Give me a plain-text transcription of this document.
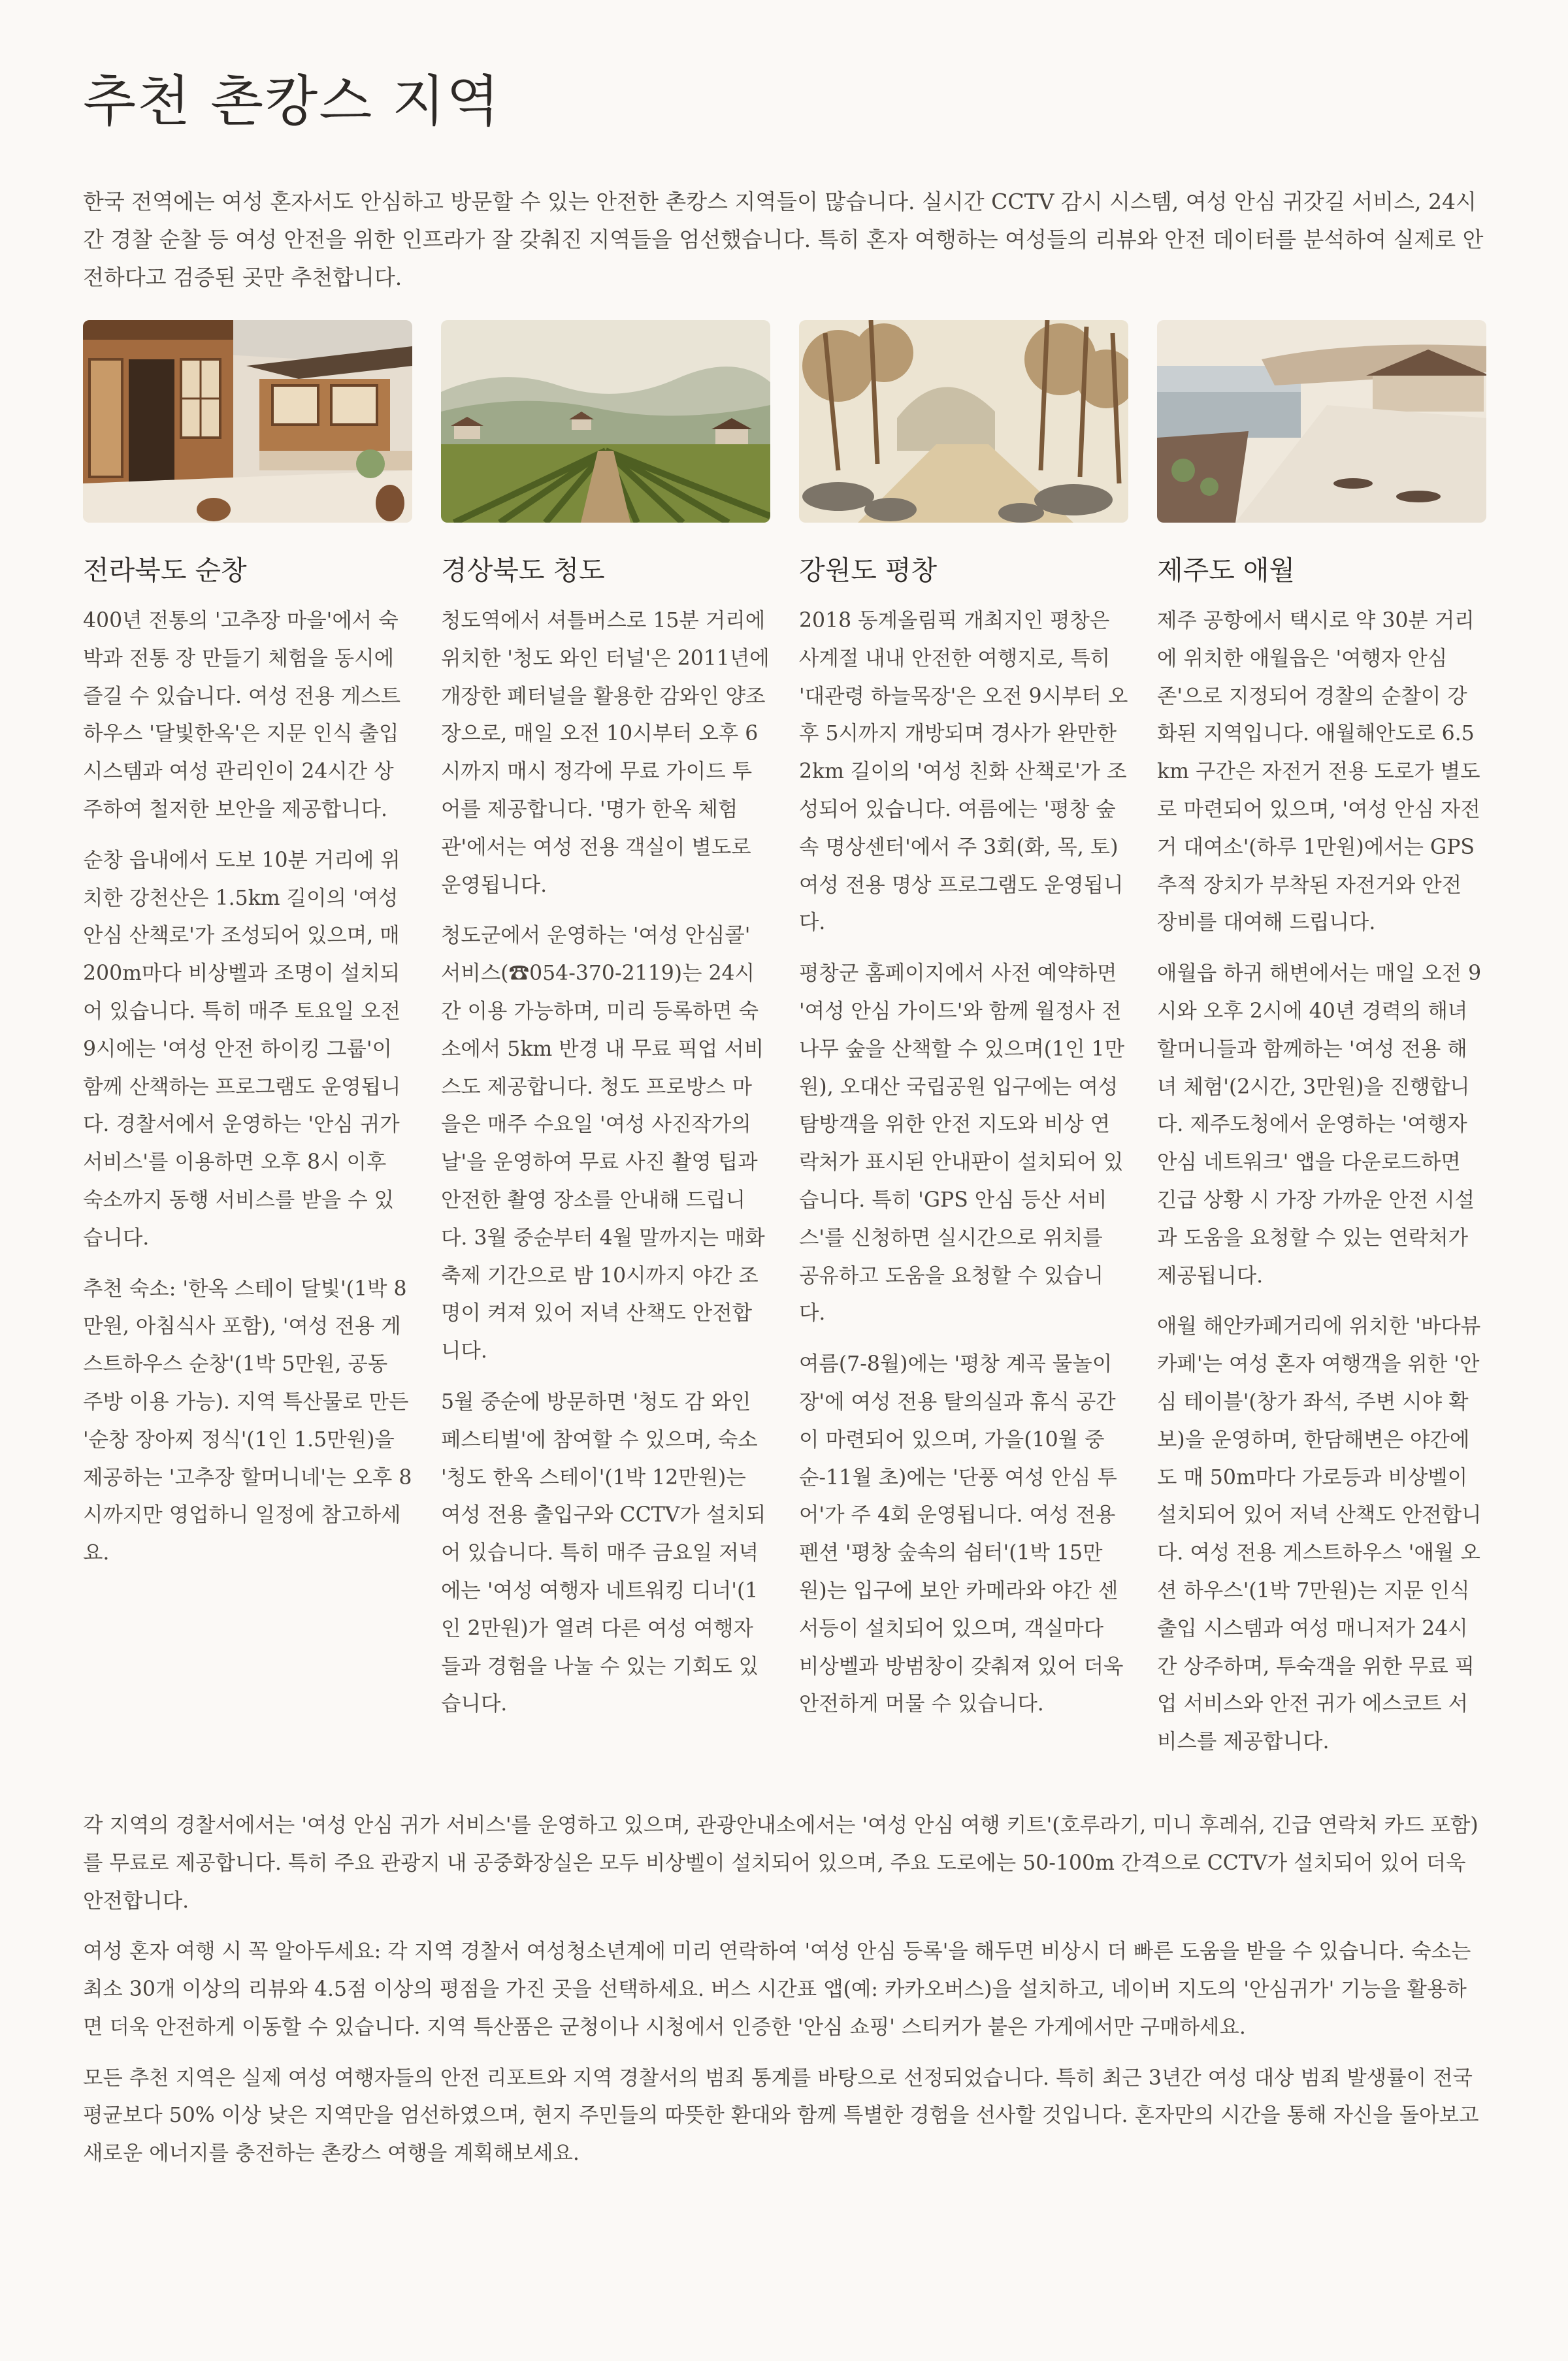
추천 촌캉스 지역

한국 전역에는 여성 혼자서도 안심하고 방문할 수 있는 안전한 촌캉스 지역들이 많습니다. 실시간 CCTV 감시 시스템, 여성 안심 귀갓길 서비스, 24시간 경찰 순찰 등 여성 안전을 위한 인프라가 잘 갖춰진 지역들을 엄선했습니다. 특히 혼자 여행하는 여성들의 리뷰와 안전 데이터를 분석하여 실제로 안전하다고 검증된 곳만 추천합니다.

전라북도 순창

400년 전통의 '고추장 마을'에서 숙박과 전통 장 만들기 체험을 동시에 즐길 수 있습니다. 여성 전용 게스트하우스 '달빛한옥'은 지문 인식 출입 시스템과 여성 관리인이 24시간 상주하여 철저한 보안을 제공합니다.

순창 읍내에서 도보 10분 거리에 위치한 강천산은 1.5km 길이의 '여성 안심 산책로'가 조성되어 있으며, 매 200m마다 비상벨과 조명이 설치되어 있습니다. 특히 매주 토요일 오전 9시에는 '여성 안전 하이킹 그룹'이 함께 산책하는 프로그램도 운영됩니다. 경찰서에서 운영하는 '안심 귀가 서비스'를 이용하면 오후 8시 이후 숙소까지 동행 서비스를 받을 수 있습니다.

추천 숙소: '한옥 스테이 달빛'(1박 8만원, 아침식사 포함), '여성 전용 게스트하우스 순창'(1박 5만원, 공동 주방 이용 가능). 지역 특산물로 만든 '순창 장아찌 정식'(1인 1.5만원)을 제공하는 '고추장 할머니네'는 오후 8시까지만 영업하니 일정에 참고하세요.

경상북도 청도

청도역에서 셔틀버스로 15분 거리에 위치한 '청도 와인 터널'은 2011년에 개장한 폐터널을 활용한 감와인 양조장으로, 매일 오전 10시부터 오후 6시까지 매시 정각에 무료 가이드 투어를 제공합니다. '명가 한옥 체험관'에서는 여성 전용 객실이 별도로 운영됩니다.

청도군에서 운영하는 '여성 안심콜' 서비스(☎054-370-2119)는 24시간 이용 가능하며, 미리 등록하면 숙소에서 5km 반경 내 무료 픽업 서비스도 제공합니다. 청도 프로방스 마을은 매주 수요일 '여성 사진작가의 날'을 운영하여 무료 사진 촬영 팁과 안전한 촬영 장소를 안내해 드립니다. 3월 중순부터 4월 말까지는 매화축제 기간으로 밤 10시까지 야간 조명이 켜져 있어 저녁 산책도 안전합니다.

5월 중순에 방문하면 '청도 감 와인 페스티벌'에 참여할 수 있으며, 숙소 '청도 한옥 스테이'(1박 12만원)는 여성 전용 출입구와 CCTV가 설치되어 있습니다. 특히 매주 금요일 저녁에는 '여성 여행자 네트워킹 디너'(1인 2만원)가 열려 다른 여성 여행자들과 경험을 나눌 수 있는 기회도 있습니다.

강원도 평창

2018 동계올림픽 개최지인 평창은 사계절 내내 안전한 여행지로, 특히 '대관령 하늘목장'은 오전 9시부터 오후 5시까지 개방되며 경사가 완만한 2km 길이의 '여성 친화 산책로'가 조성되어 있습니다. 여름에는 '평창 숲속 명상센터'에서 주 3회(화, 목, 토) 여성 전용 명상 프로그램도 운영됩니다.

평창군 홈페이지에서 사전 예약하면 '여성 안심 가이드'와 함께 월정사 전나무 숲을 산책할 수 있으며(1인 1만원), 오대산 국립공원 입구에는 여성 탐방객을 위한 안전 지도와 비상 연락처가 표시된 안내판이 설치되어 있습니다. 특히 'GPS 안심 등산 서비스'를 신청하면 실시간으로 위치를 공유하고 도움을 요청할 수 있습니다.

여름(7-8월)에는 '평창 계곡 물놀이장'에 여성 전용 탈의실과 휴식 공간이 마련되어 있으며, 가을(10월 중순-11월 초)에는 '단풍 여성 안심 투어'가 주 4회 운영됩니다. 여성 전용 펜션 '평창 숲속의 쉼터'(1박 15만원)는 입구에 보안 카메라와 야간 센서등이 설치되어 있으며, 객실마다 비상벨과 방범창이 갖춰져 있어 더욱 안전하게 머물 수 있습니다.

제주도 애월

제주 공항에서 택시로 약 30분 거리에 위치한 애월읍은 '여행자 안심 존'으로 지정되어 경찰의 순찰이 강화된 지역입니다. 애월해안도로 6.5km 구간은 자전거 전용 도로가 별도로 마련되어 있으며, '여성 안심 자전거 대여소'(하루 1만원)에서는 GPS 추적 장치가 부착된 자전거와 안전 장비를 대여해 드립니다.

애월읍 하귀 해변에서는 매일 오전 9시와 오후 2시에 40년 경력의 해녀 할머니들과 함께하는 '여성 전용 해녀 체험'(2시간, 3만원)을 진행합니다. 제주도청에서 운영하는 '여행자 안심 네트워크' 앱을 다운로드하면 긴급 상황 시 가장 가까운 안전 시설과 도움을 요청할 수 있는 연락처가 제공됩니다.

애월 해안카페거리에 위치한 '바다뷰 카페'는 여성 혼자 여행객을 위한 '안심 테이블'(창가 좌석, 주변 시야 확보)을 운영하며, 한담해변은 야간에도 매 50m마다 가로등과 비상벨이 설치되어 있어 저녁 산책도 안전합니다. 여성 전용 게스트하우스 '애월 오션 하우스'(1박 7만원)는 지문 인식 출입 시스템과 여성 매니저가 24시간 상주하며, 투숙객을 위한 무료 픽업 서비스와 안전 귀가 에스코트 서비스를 제공합니다.

각 지역의 경찰서에서는 '여성 안심 귀가 서비스'를 운영하고 있으며, 관광안내소에서는 '여성 안심 여행 키트'(호루라기, 미니 후레쉬, 긴급 연락처 카드 포함)를 무료로 제공합니다. 특히 주요 관광지 내 공중화장실은 모두 비상벨이 설치되어 있으며, 주요 도로에는 50-100m 간격으로 CCTV가 설치되어 있어 더욱 안전합니다.

여성 혼자 여행 시 꼭 알아두세요: 각 지역 경찰서 여성청소년계에 미리 연락하여 '여성 안심 등록'을 해두면 비상시 더 빠른 도움을 받을 수 있습니다. 숙소는 최소 30개 이상의 리뷰와 4.5점 이상의 평점을 가진 곳을 선택하세요. 버스 시간표 앱(예: 카카오버스)을 설치하고, 네이버 지도의 '안심귀가' 기능을 활용하면 더욱 안전하게 이동할 수 있습니다. 지역 특산품은 군청이나 시청에서 인증한 '안심 쇼핑' 스티커가 붙은 가게에서만 구매하세요.

모든 추천 지역은 실제 여성 여행자들의 안전 리포트와 지역 경찰서의 범죄 통계를 바탕으로 선정되었습니다. 특히 최근 3년간 여성 대상 범죄 발생률이 전국 평균보다 50% 이상 낮은 지역만을 엄선하였으며, 현지 주민들의 따뜻한 환대와 함께 특별한 경험을 선사할 것입니다. 혼자만의 시간을 통해 자신을 돌아보고 새로운 에너지를 충전하는 촌캉스 여행을 계획해보세요.
